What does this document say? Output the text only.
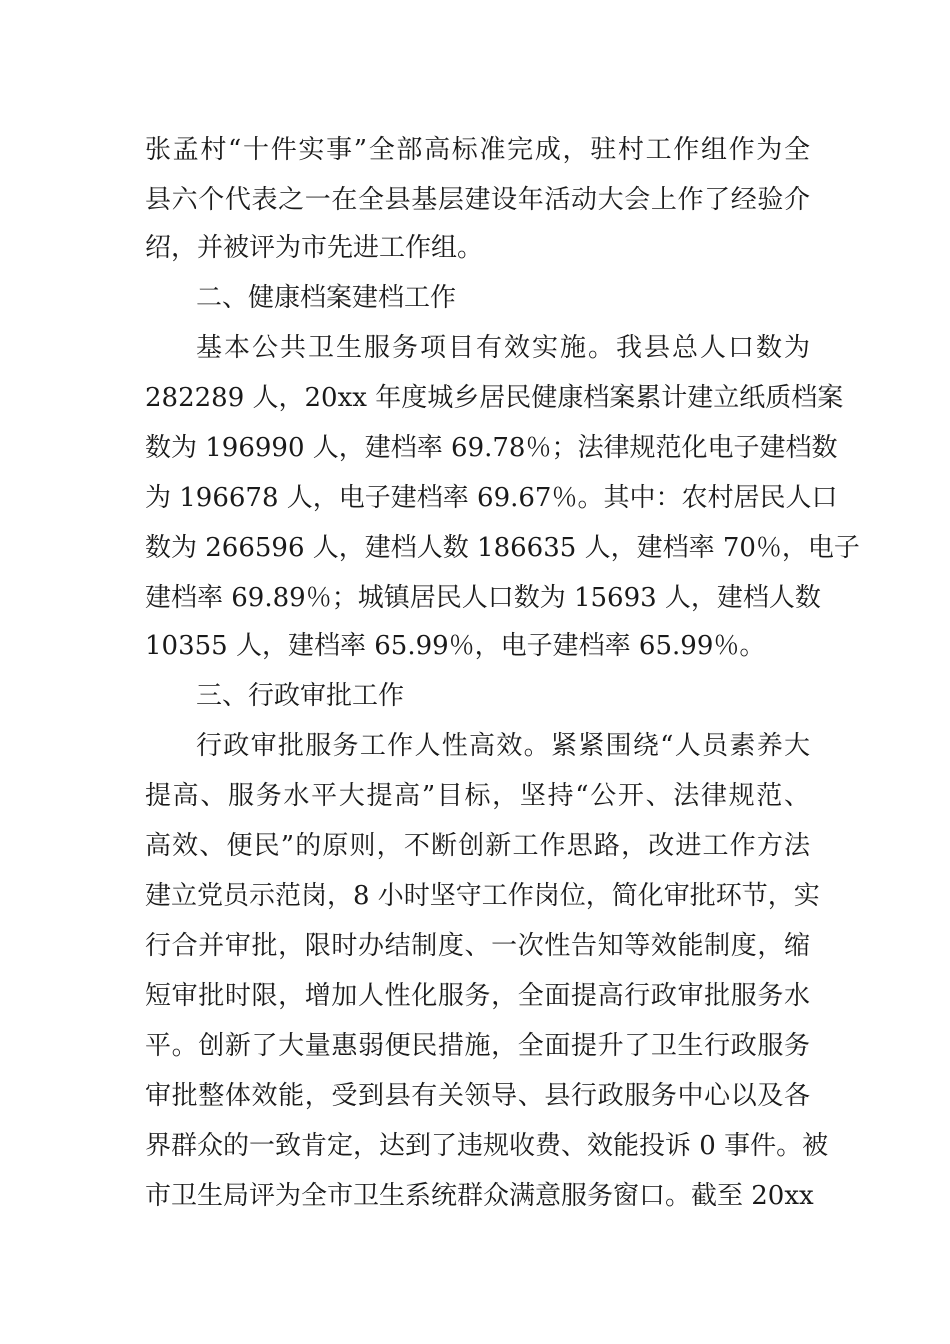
张孟村“十件实事”全部高标准完成，驻村工作组作为全
县六个代表之一在全县基层建设年活动大会上作了经验介
绍，并被评为市先进工作组。
二、健康档案建档工作
基本公共卫生服务项目有效实施。我县总人口数为
282289 人，20xx 年度城乡居民健康档案累计建立纸质档案
数为 196990 人，建档率 69.78％；法律规范化电子建档数
为 196678 人，电子建档率 69.67％。其中：农村居民人口
数为 266596 人，建档人数 186635 人，建档率 70％，电子
建档率 69.89％；城镇居民人口数为 15693 人，建档人数
10355 人，建档率 65.99％，电子建档率 65.99％。
三、行政审批工作
行政审批服务工作人性高效。紧紧围绕“人员素养大
提高、服务水平大提高”目标，坚持“公开、法律规范、
高效、便民”的原则，不断创新工作思路，改进工作方法
建立党员示范岗，8 小时坚守工作岗位，简化审批环节，实
行合并审批，限时办结制度、一次性告知等效能制度，缩
短审批时限，增加人性化服务，全面提高行政审批服务水
平。创新了大量惠弱便民措施，全面提升了卫生行政服务
审批整体效能，受到县有关领导、县行政服务中心以及各
界群众的一致肯定，达到了违规收费、效能投诉 0 事件。被
市卫生局评为全市卫生系统群众满意服务窗口。截至 20xx
